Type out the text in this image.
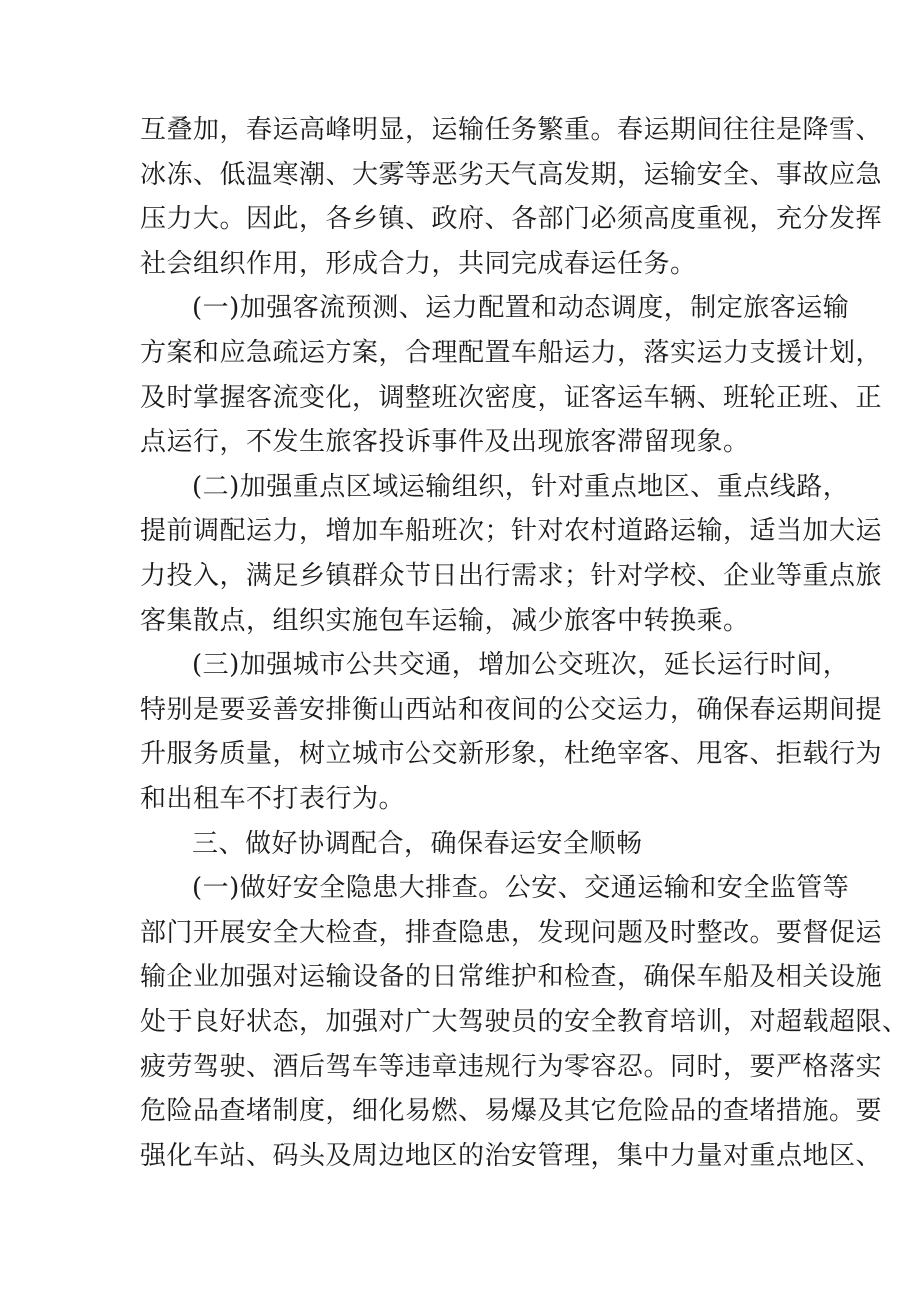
互叠加，春运高峰明显，运输任务繁重。春运期间往往是降雪、
冰冻、低温寒潮、大雾等恶劣天气高发期，运输安全、事故应急
压力大。因此，各乡镇、政府、各部门必须高度重视，充分发挥
社会组织作用，形成合力，共同完成春运任务。
(一)加强客流预测、运力配置和动态调度，制定旅客运输
方案和应急疏运方案，合理配置车船运力，落实运力支援计划，
及时掌握客流变化，调整班次密度，证客运车辆、班轮正班、正
点运行，不发生旅客投诉事件及出现旅客滞留现象。
(二)加强重点区域运输组织，针对重点地区、重点线路，
提前调配运力，增加车船班次；针对农村道路运输，适当加大运
力投入，满足乡镇群众节日出行需求；针对学校、企业等重点旅
客集散点，组织实施包车运输，减少旅客中转换乘。
(三)加强城市公共交通，增加公交班次，延长运行时间，
特别是要妥善安排衡山西站和夜间的公交运力，确保春运期间提
升服务质量，树立城市公交新形象，杜绝宰客、甩客、拒载行为
和出租车不打表行为。
三、做好协调配合，确保春运安全顺畅
(一)做好安全隐患大排查。公安、交通运输和安全监管等
部门开展安全大检查，排查隐患，发现问题及时整改。要督促运
输企业加强对运输设备的日常维护和检查，确保车船及相关设施
处于良好状态，加强对广大驾驶员的安全教育培训，对超载超限、
疲劳驾驶、酒后驾车等违章违规行为零容忍。同时，要严格落实
危险品查堵制度，细化易燃、易爆及其它危险品的查堵措施。要
强化车站、码头及周边地区的治安管理，集中力量对重点地区、
